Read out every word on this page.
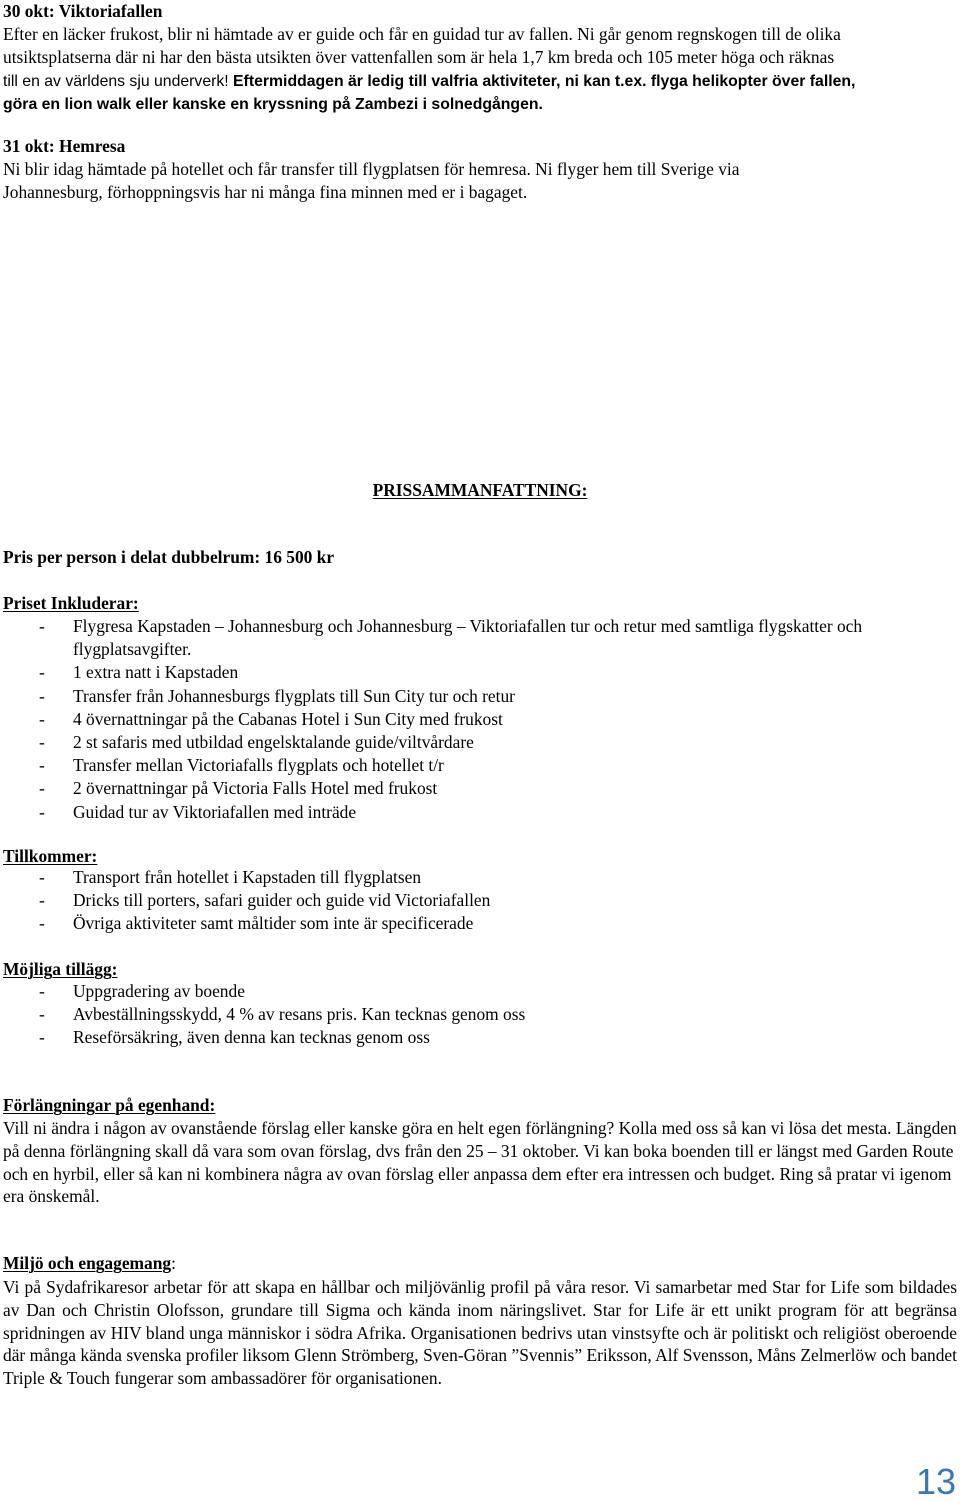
30 okt: Viktoriafallen
Efter en läcker frukost, blir ni hämtade av er guide och får en guidad tur av fallen. Ni går genom regnskogen till de olika
utsiktsplatserna där ni har den bästa utsikten över vattenfallen som är hela 1,7 km breda och 105 meter höga och räknas
till en av världens sju underverk! Eftermiddagen är ledig till valfria aktiviteter, ni kan t.ex. flyga helikopter över fallen,
göra en lion walk eller kanske en kryssning på Zambezi i solnedgången.
31 okt: Hemresa
Ni blir idag hämtade på hotellet och får transfer till flygplatsen för hemresa. Ni flyger hem till Sverige via
Johannesburg, förhoppningsvis har ni många fina minnen med er i bagaget.
PRISSAMMANFATTNING:
Pris per person i delat dubbelrum: 16 500 kr
Priset Inkluderar:
- Flygresa Kapstaden – Johannesburg och Johannesburg – Viktoriafallen tur och retur med samtliga flygskatter och flygplatsavgifter.
- 1 extra natt i Kapstaden
- Transfer från Johannesburgs flygplats till Sun City tur och retur
- 4 övernattningar på the Cabanas Hotel i Sun City med frukost
- 2 st safaris med utbildad engelsktalande guide/viltvårdare
- Transfer mellan Victoriafalls flygplats och hotellet t/r
- 2 övernattningar på Victoria Falls Hotel med frukost
- Guidad tur av Viktoriafallen med inträde
Tillkommer:
- Transport från hotellet i Kapstaden till flygplatsen
- Dricks till porters, safari guider och guide vid Victoriafallen
- Övriga aktiviteter samt måltider som inte är specificerade
Möjliga tillägg:
- Uppgradering av boende
- Avbeställningsskydd, 4 % av resans pris. Kan tecknas genom oss
- Reseförsäkring, även denna kan tecknas genom oss
Förlängningar på egenhand:
Vill ni ändra i någon av ovanstående förslag eller kanske göra en helt egen förlängning? Kolla med oss så kan vi lösa det mesta. Längden på denna förlängning skall då vara som ovan förslag, dvs från den 25 – 31 oktober. Vi kan boka boenden till er längst med Garden Route och en hyrbil, eller så kan ni kombinera några av ovan förslag eller anpassa dem efter era intressen och budget. Ring så pratar vi igenom era önskemål.
Miljö och engagemang:
Vi på Sydafrikaresor arbetar för att skapa en hållbar och miljövänlig profil på våra resor. Vi samarbetar med Star for Life som bildades av Dan och Christin Olofsson, grundare till Sigma och kända inom näringslivet. Star for Life är ett unikt program för att begränsa spridningen av HIV bland unga människor i södra Afrika. Organisationen bedrivs utan vinstsyfte och är politiskt och religiöst oberoende där många kända svenska profiler liksom Glenn Strömberg, Sven-Göran ”Svennis” Eriksson, Alf Svensson, Måns Zelmerlöw och bandet Triple & Touch fungerar som ambassadörer för organisationen.
13
